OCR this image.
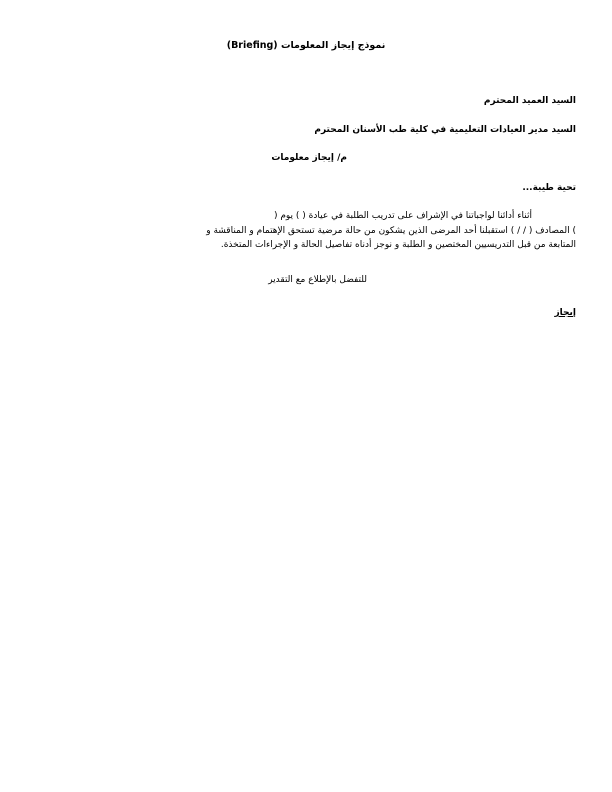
نموذج إيجاز المعلومات (Briefing)
السيد العميد المحترم
السيد مدير العيادات التعليمية في كلية طب الأسنان المحترم
م/ إيجاز معلومات
تحية طيبة...
أثناء أدائنا لواجباتنا في الإشراف على تدريب الطلبة في عيادة ( ) يوم (
) المصادف ( / / ) استقبلنا أحد المرضى الذين يشكون من حالة مرضية تستحق الإهتمام و المناقشة و
المتابعة من قبل التدريسيين المختصين و الطلبة و نوجز أدناه تفاصيل الحالة و الإجراءات المتخذة.
للتفضل بالإطلاع مع التقدير
إيجاز
